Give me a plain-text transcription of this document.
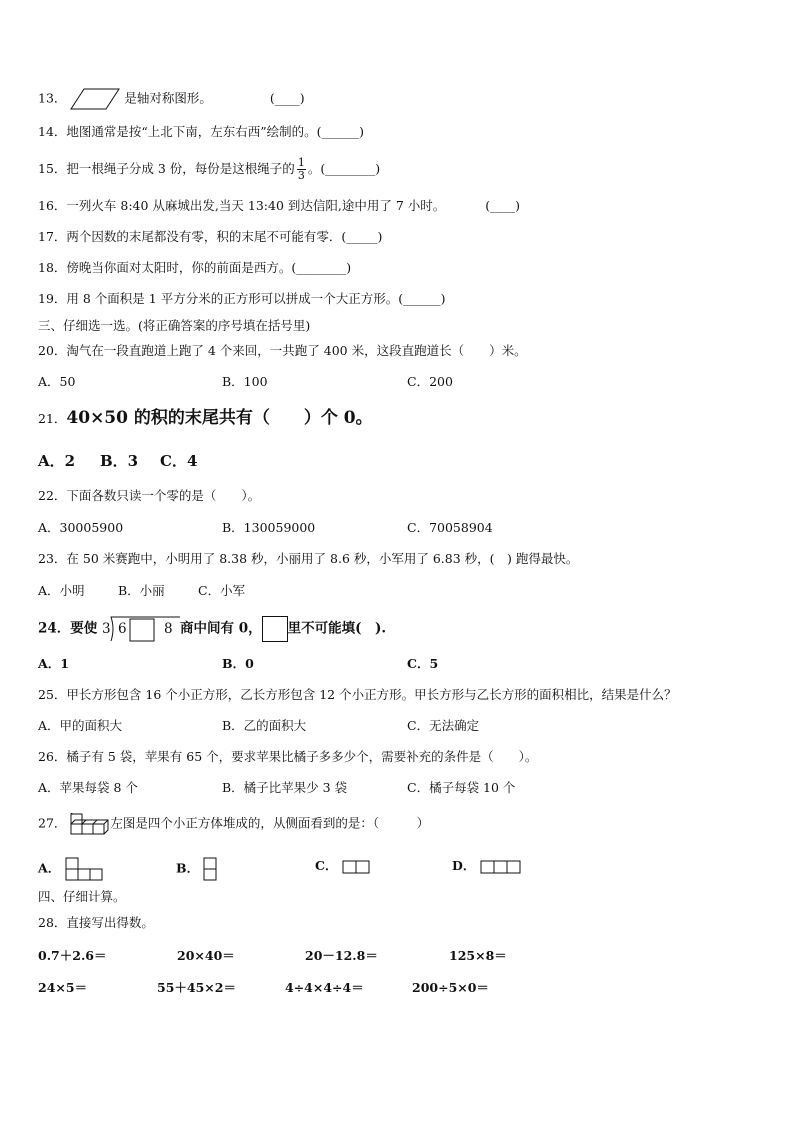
13．	是轴对称图形。	(____)
14．地图通常是按“上北下南，左东右西”绘制的。(______)
15．把一根绳子分成 3 份，每份是这根绳子的 $\frac{1}{3}$ 。(________)
16．一列火车 8:40 从麻城出发,当天 13:40 到达信阳,途中用了 7 小时。	(____)
17．两个因数的末尾都没有零，积的末尾不可能有零．(_____)
18．傍晚当你面对太阳时，你的前面是西方。(________)
19．用 8 个面积是 1 平方分米的正方形可以拼成一个大正方形。(______)
三、仔细选一选。(将正确答案的序号填在括号里)
20．淘气在一段直跑道上跑了 4 个来回，一共跑了 400 米，这段直跑道长（　　）米。
A．50	B．100	C．200
21．40×50 的积的末尾共有（　　）个 0。
A．2 B．3 C．4
22．下面各数只读一个零的是（　　）。
A．30005900	B．130059000	C．70058904
23．在 50 米赛跑中，小明用了 8.38 秒，小丽用了 8.6 秒，小军用了 6.83 秒，(　) 跑得最快。
A．小明	B．小丽	C．小军
24．要使 3 6	8 商中间有 0， 里不可能填(　).
A．1	B．0	C．5
25．甲长方形包含 16 个小正方形，乙长方形包含 12 个小正方形。甲长方形与乙长方形的面积相比，结果是什么？
A．甲的面积大	B．乙的面积大	C．无法确定
26．橘子有 5 袋，苹果有 65 个，要求苹果比橘子多多少个，需要补充的条件是（　　）。
A．苹果每袋 8 个	B．橘子比苹果少 3 袋	C．橘子每袋 10 个
27．	左图是四个小正方体堆成的，从侧面看到的是：（　　　）
A．	B．	C．	D．
四、仔细计算。
28．直接写出得数。
0.7＋2.6＝	20×40＝	20－12.8＝	125×8＝
24×5＝	55＋45×2＝	4÷4×4÷4＝	200÷5×0＝
